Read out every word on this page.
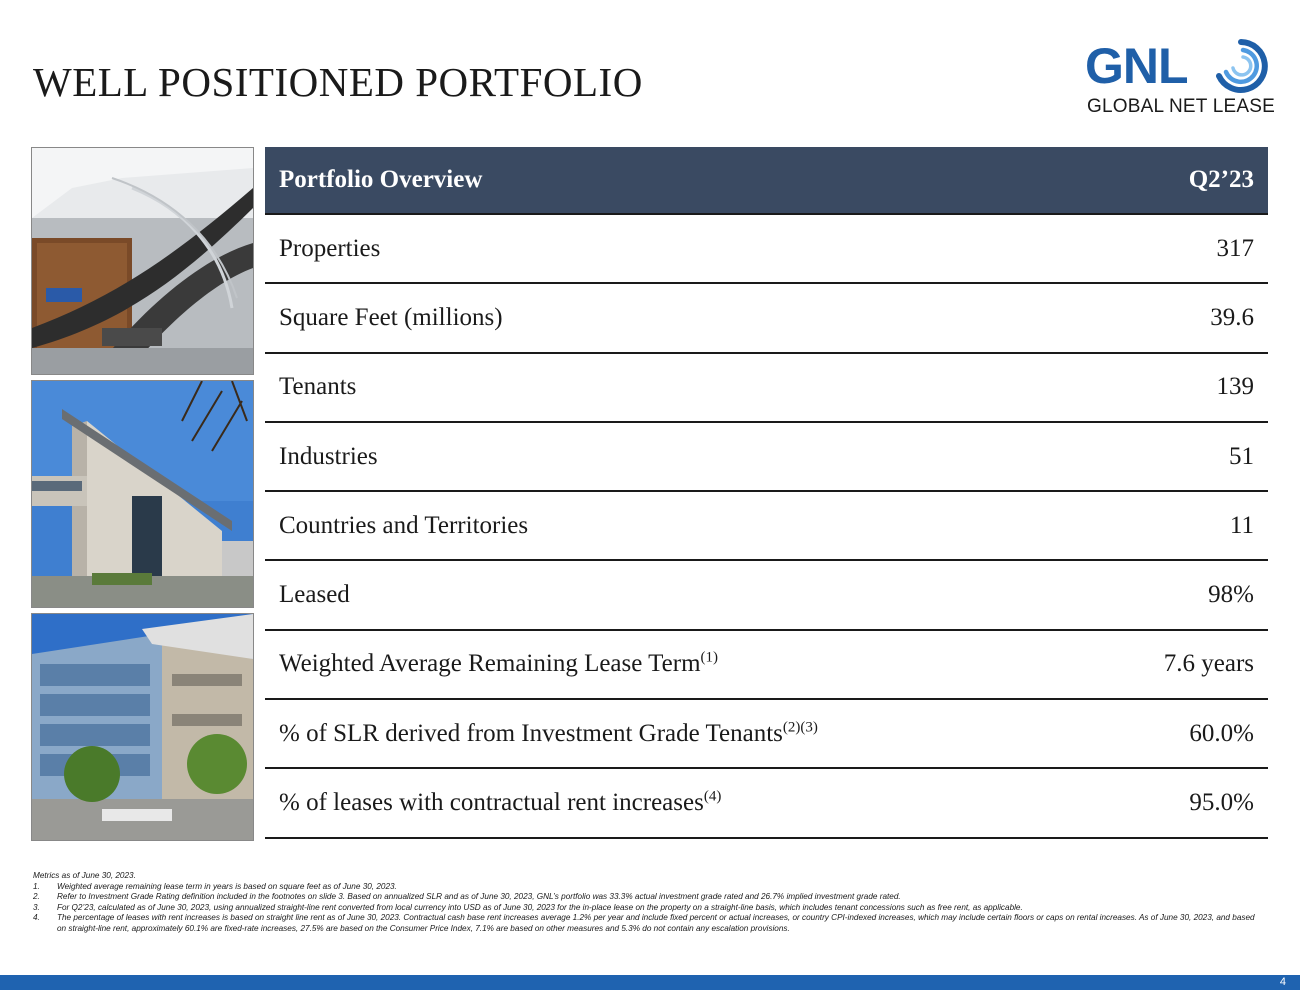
WELL POSITIONED PORTFOLIO	GNL
GLOBAL NET LEASE
Portfolio Overview	Q2’23
Properties	317
Square Feet (millions)	39.6
Tenants	139
Industries	51
Countries and Territories	11
Leased	98%
Weighted Average Remaining Lease Term$^{(1)}$	7.6 years
% of SLR derived from Investment Grade Tenants$^{(2)(3)}$	60.0%
% of leases with contractual rent increases$^{(4)}$	95.0%
Metrics as of June 30, 2023.
1.	Weighted average remaining lease term in years is based on square feet as of June 30, 2023.
2.	Refer to Investment Grade Rating definition included in the footnotes on slide 3. Based on annualized SLR and as of June 30, 2023, GNL’s portfolio was 33.3% actual investment grade rated and 26.7% implied investment grade rated.
3.	For Q2’23, calculated as of June 30, 2023, using annualized straight-line rent converted from local currency into USD as of June 30, 2023 for the in-place lease on the property on a straight-line basis, which includes tenant concessions such as free rent, as applicable.
4.	The percentage of leases with rent increases is based on straight line rent as of June 30, 2023. Contractual cash base rent increases average 1.2% per year and include fixed percent or actual increases, or country CPI-indexed increases, which may include certain floors or caps on rental increases. As of June 30, 2023, and based on straight-line rent, approximately 60.1% are fixed-rate increases, 27.5% are based on the Consumer Price Index, 7.1% are based on other measures and 5.3% do not contain any escalation provisions.
4
